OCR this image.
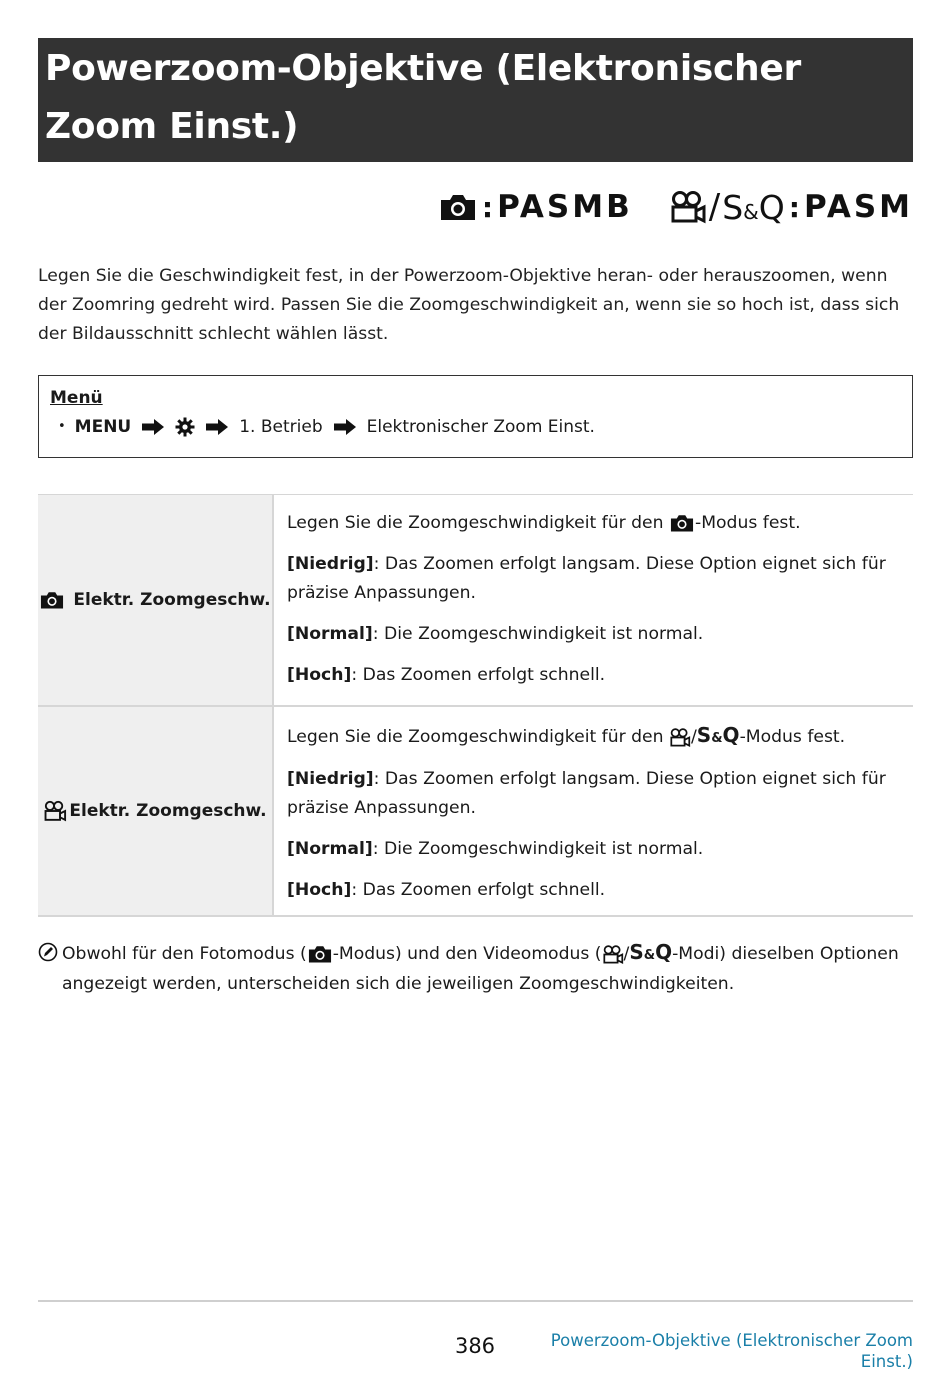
Powerzoom-Objektive (Elektronischer Zoom Einst.)
: PASMB / S&Q : PASM

Legen Sie die Geschwindigkeit fest, in der Powerzoom-Objektive heran- oder herauszoomen, wenn der Zoomring gedreht wird. Passen Sie die Zoomgeschwindigkeit an, wenn sie so hoch ist, dass sich der Bildausschnitt schlecht wählen lässt.

Menü
• MENU	1. Betrieb	Elektronischer Zoom Einst.
Elektr. Zoomgeschw.

Legen Sie die Zoomgeschwindigkeit für den -Modus fest.

[Niedrig]: Das Zoomen erfolgt langsam. Diese Option eignet sich für präzise Anpassungen.

[Normal]: Die Zoomgeschwindigkeit ist normal.

[Hoch]: Das Zoomen erfolgt schnell.

Elektr. Zoomgeschw.

Legen Sie die Zoomgeschwindigkeit für den /S&Q-Modus fest.

[Niedrig]: Das Zoomen erfolgt langsam. Diese Option eignet sich für präzise Anpassungen.

[Normal]: Die Zoomgeschwindigkeit ist normal.

[Hoch]: Das Zoomen erfolgt schnell.

Obwohl für den Fotomodus ( -Modus) und den Videomodus ( /S&Q-Modi) dieselben Optionen angezeigt werden, unterscheiden sich die jeweiligen Zoomgeschwindigkeiten.
386	Powerzoom-Objektive (Elektronischer Zoom Einst.)
